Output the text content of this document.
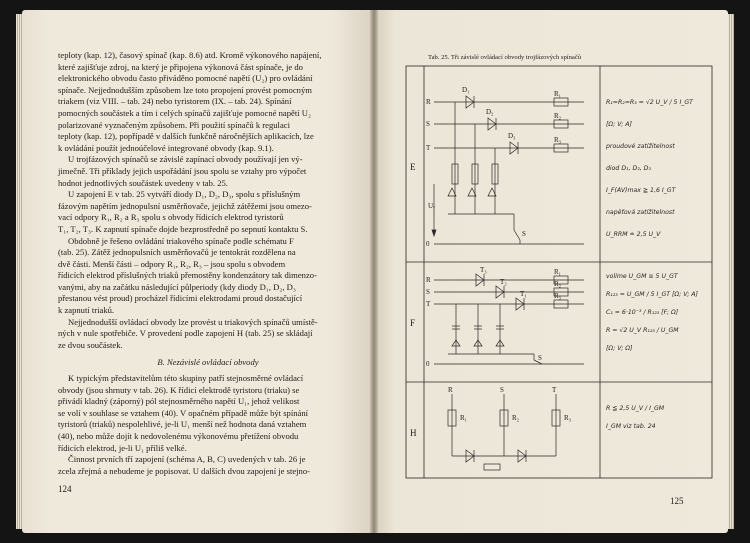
teploty (kap. 12), časový spínač (kap. 8.6) atd. Kromě výkonového napájení,

které zajišťuje zdroj, na který je připojena výkonová část spínače, je do

elektronického obvodu často přiváděno pomocné napětí (U₂) pro ovládání

spínače. Nejjednodušším způsobem lze toto propojení provést pomocným

triakem (viz VIII. – tab. 24) nebo tyristorem (IX. – tab. 24). Spínání

pomocných součástek a tím i celých spínačů zajišťuje pomocné napětí U₂

polarizované vyznačeným způsobem. Při použití spínačů k regulaci

teploty (kap. 12), popřípadě v dalších funkčně náročnějších aplikacích, lze

k ovládání použít jednoúčelové integrované obvody (kap. 9.1).

U trojfázových spínačů se závislé zapínací obvody používají jen vý-

jimečně. Tři příklady jejich uspořádání jsou spolu se vztahy pro výpočet

hodnot jednotlivých součástek uvedeny v tab. 25.

U zapojení E v tab. 25 vytváří diody D₁, D₂, D₃, spolu s příslušným

fázovým napětím jednopulsní usměrňovače, jejichž zátěžemi jsou omezo-

vací odpory R₁, R₂ a R₃ spolu s obvody řídicích elektrod tyristorů

T₁, T₂, T₃. K zapnutí spínače dojde bezprostředně po sepnutí kontaktu S.

Obdobně je řešeno ovládání triakového spínače podle schématu F

(tab. 25). Zátěž jednopulsních usměrňovačů je tentokrát rozdělena na

dvě části. Menší části – odpory R₁, R₂, R₃ – jsou spolu s obvodem

řídicích elektrod příslušných triaků přemostěny kondenzátory tak dimenzo-

vanými, aby na začátku následující půlperiody (kdy diody D₁, D₂, D₃

přestanou vést proud) procházel řídicími elektrodami proud dostačující

k zapnutí triaků.

Nejjednodušší ovládací obvody lze provést u triakových spínačů umístě-

ných v nule spotřebiče. V provedení podle zapojení H (tab. 25) se skládají

ze dvou součástek.

B. Nezávislé ovládací obvody

K typickým představitelům této skupiny patří stejnosměrné ovládací

obvody (jsou shrnuty v tab. 26). K řídicí elektrodě tyristoru (triaku) se

přivádí kladný (záporný) pól stejnosměrného napětí U₁, jehož velikost

se volí v souhlase se vztahem (40). V opačném případě může být spínání

tyristorů (triaků) nespolehlivé, je-li U₁ menší než hodnota daná vztahem

(40), nebo může dojít k nedovolenému výkonovému přetížení obvodu

řídicích elektrod, je-li U₁ příliš velké.

Činnost prvních tří zapojení (schéma A, B, C) uvedených v tab. 26 je

zcela zřejmá a nebudeme je popisovat. U dalších dvou zapojení je stejno-

124
Tab. 25. Tři závislé ovládací obvody trojfázových spínačů
R
S
T
0
E
R₁
R₂
R₃
D₁
D₂
D₃
S
Uᵥ
R₁=R₂=R₃ = √2 U_V / 5 I_GT
[Ω; V; A]
proudové zatížitelnost
diod D₁, D₂, D₃
I_F(AV)max ≧ 1,6 I_GT
napěťová zatížitelnost
U_RRM ≐ 2,5 U_V
R
S
T
0
F
R₁
R₂
R₃
T₃
T₂
T₁
S
volíme U_GM ≅ 5 U_GT
R₁₂₃ = U_GM / 5 I_GT [Ω; V; A]
C₁ = 6·10⁻³ / R₁₂₃ [F; Ω]
R = √2 U_V R₁₂₃ / U_GM
[Ω; V; Ω]
R	S	T
H
R₁	R₂	R₃
R ≦ 2,5 U_V / I_GM
I_GM viz tab. 24
125
